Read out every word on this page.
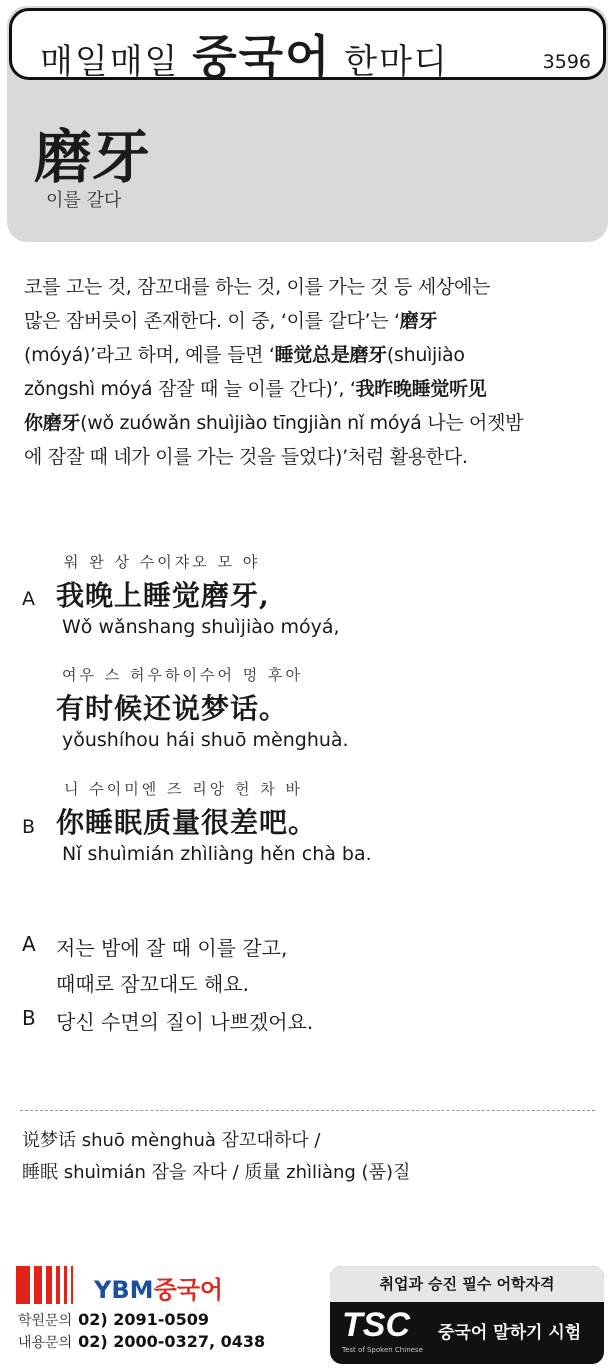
매일매일 중국어 한마디	3596
磨牙
이를 갈다
코를 고는 것, 잠꼬대를 하는 것, 이를 가는 것 등 세상에는
많은 잠버릇이 존재한다. 이 중, ‘이를 갈다’는 ‘磨牙
(móyá)’라고 하며, 예를 들면 ‘睡觉总是磨牙(shuìjiào
zǒngshì móyá 잠잘 때 늘 이를 간다)’, ‘我昨晚睡觉听见
你磨牙(wǒ zuówǎn shuìjiào tīngjiàn nǐ móyá 나는 어젯밤
에 잠잘 때 네가 이를 가는 것을 들었다)’처럼 활용한다.
A
워 완 상 수이쟈오 모 야
我晚上睡觉磨牙,
Wǒ wǎnshang shuìjiào móyá,
여우 스 허우하이수어 멍 후아
有时候还说梦话。
yǒushíhou hái shuō mènghuà.
B
니 수이미엔 즈 리앙 헌 차 바
你睡眠质量很差吧。
Nǐ shuìmián zhìliàng hěn chà ba.
A 저는 밤에 잘 때 이를 갈고,
때때로 잠꼬대도 해요.
B 당신 수면의 질이 나쁘겠어요.
说梦话 shuō mènghuà 잠꼬대하다 /
睡眠 shuìmián 잠을 자다 / 质量 zhìliàng (품)질
YBM중국어
학원문의 02) 2091-0509
내용문의 02) 2000-0327, 0438
취업과 승진 필수 어학자격
TSC
Test of Spoken Chinese
중국어 말하기 시험
